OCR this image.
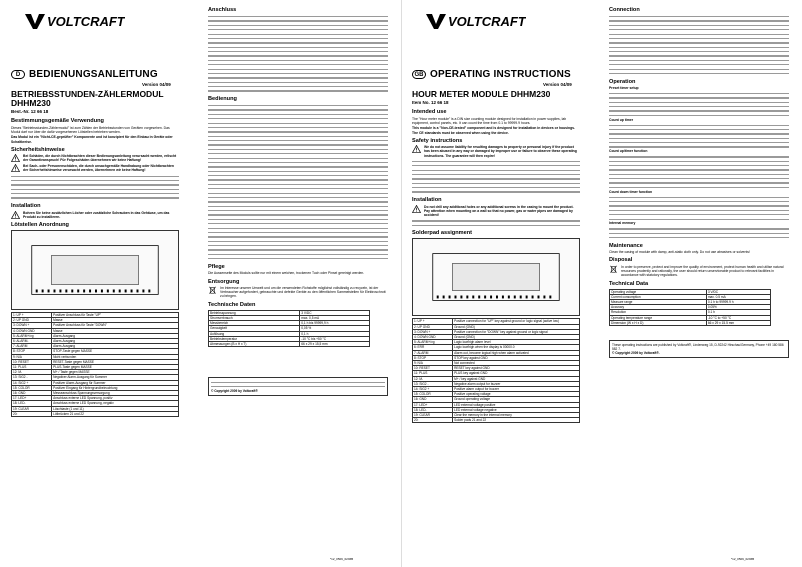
VOLTCRAFT
D BEDIENUNGSANLEITUNG
Version 04/09
BETRIEBSSTUNDEN-ZÄHLERMODUL DHHM230
Best.-Nr. 12 66 18
Bestimmungsgemäße Verwendung

Dieses "Betriebsstunden-Zählermodul" ist zum Zählen der Betriebsstunden von Geräten vorgesehen. Das Modul darf nur über die dafür vorgesehenen Lötstellen betrieben werden.

Das Modul ist ein "Nicht-CE-geprüfter" Komponente und ist konzipiert für den Einbau in Geräte oder Schaltkreise.

Sicherheitshinweise

Bei Schäden, die durch Nichtbeachten dieser Bedienungsanleitung verursacht werden, erlischt der Garantieanspruch! Für Folgeschäden übernehmen wir keine Haftung!

Bei Sach- oder Personenschäden, die durch unsachgemäße Handhabung oder Nichtbeachten der Sicherheitshinweise verursacht werden, übernehmen wir keine Haftung!

Installation

Bohren Sie keine zusätzlichen Löcher oder zusätzliche Schrauben in das Gehäuse, um das Produkt zu installieren.

Lötstellen Anordnung
1: UP +	Positiver Anschluss für Taste "UP"
2: UP GND	Masse
3: DOWN +	Positiver Anschluss für Taste "DOWN"
4: DOWN GND	Masse
5: ALARM+/vg	Alarm-Ausgang
6: ALARM-	Alarm-Ausgang
7: ALARM	Alarm-Ausgang
8: STOP	STOP-Taste gegen MASSE
9: N/A	Nicht verbunden
10: RESET	RESET-Taste gegen MASSE
11: PLUS	PLUS-Taste gegen MASSE
12: M-	M+ / Taste gegen MASSE
13: SIG2 -	Negativer Alarm-Ausgang für Summer
14: SIG2 +	Positiver Alarm-Ausgang für Summer
15: COLOR	Positiver Eingang für Hintergrundbeleuchtung
16: GND	Messeanschluss Spannungsversorgung
17: LED+	Anschluss externe LED Spannung, positiv
18: LED-	Anschluss externe LED Spannung, negativ
19: CLEAR	Löschtaste (1 und 11)
20:	Lötbrücken 21 und 22
Anschluss
Bedienung
Pflege

Die Aussenseite des Moduls sollte nur mit einem weichen, trockenen Tuch oder Pinsel gereinigt werden.

Entsorgung

Im Interesse unserer Umwelt und um die verwendeten Rohstoffe möglichst vollständig zu recyceln, ist der Verbraucher aufgefordert, gebrauchte und defekte Geräte zu den öffentlichen Sammelstellen für Elektroschrott zu bringen.

Technische Daten
Betriebsspannung	3 V/DC
Stromverbrauch	max. 0,5 mA
Messbereich	0,1 h bis 99999,9 h
Genauigkeit	0,05 %
Auflösung	0,1 h
Betriebstemperatur	-10 °C bis +50 °C
Abmessungen (B x H x T)	66 x 29 x 15,5 mm

© Copyright 2009 by Voltcraft®

*12_0509_02/MB
VOLTCRAFT
GB OPERATING INSTRUCTIONS
Version 04/09
HOUR METER MODULE DHHM230
Item No. 12 66 18
Intended use

The "Hour meter module" is a DIN size counting module designed for installation in power supplies, lab equipment, control panels, etc. It can count the time from 0.1 to 99999.9 hours.

This module is a "Non-CE-tested" component and is designed for installation in devices or housings. The CE standards must be observed when using the device.

Safety instructions

We do not assume liability for resulting damages to property or personal injury if the product has been abused in any way or damaged by improper use or failure to observe these operating instructions. The guarantee will then expire!

Installation

Do not drill any additional holes or any additional screws in the casing to mount the product. Pay attention when mounting on a wall so that no power, gas or water pipes are damaged by accident!

Solderpad assignment
1: UP +	Positive connection for "UP" key against ground or logic signal (active low)
2: UP GND	Ground (GND)
3: DOWN +	Positive connection for "DOWN" key against ground or logic signal
4: DOWN GND	Ground (GND)
5: ALARM+/vg	Logic low/high alarm level
6: ERR	Logic low/high when the display is 00000.0
7: ALARM	Alarm out, become logical high when alarm activated
8: STOP	STOP key against GND
9: N/A	Not connected
10: RESET	RESET key against GND
11: PLUS	PLUS key against GND
12: M-	M+ / key against GND
13: SIG2 -	Negative alarm output for buzzer
14: SIG2 +	Positive alarm output for buzzer
15: COLOR	Positive operating voltage
16: GND	Ground operating voltage
17: LED+	LED external voltage positive
18: LED-	LED external voltage negative
19: CLEAR	Clear the memory in the internal memory
20:	Solder pads 21 and 22
Connection
Operation

Preset timer setup

Count up timer

Count up/timer function

Count down timer function

Internal memory

Maintenance

Clean the casing of module with damp, anti-static cloth only. Do not use abrasives or solvents!

Disposal

In order to preserve, protect and improve the quality of environment, protect human health and utilise natural resources prudently and rationally, the user should return unserviceable product to relevant facilities in accordance with statutory regulations.

Technical Data
Operating voltage	3 V/DC
Current consumption	max. 0.5 mA
Measure range	0.1 h to 99999.9 h
Accuracy	0.05%
Resolution	0.1 h
Operating temperature range	-10 °C to +50 °C
Dimension (W x H x D)	66 x 29 x 15.5 mm

These operating instructions are published by Voltcraft®, Lindenweg 15, D-92242 Hirschau/Germany, Phone +49 180 586 582 7.

© Copyright 2009 by Voltcraft®.

*12_0509_02/MB
